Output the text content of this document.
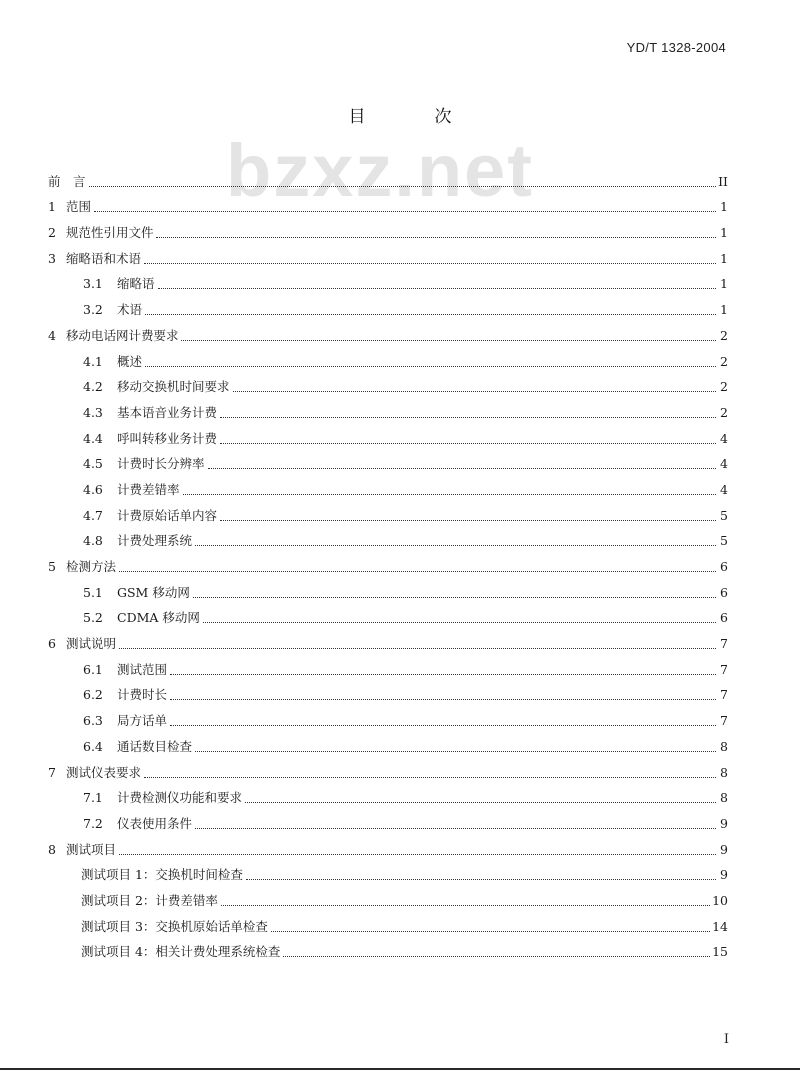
YD/T 1328-2004
bzxz.net
目　次
前　言	II
1 范围	1
2 规范性引用文件	1
3 缩略语和术语	1
3.1	缩略语	1
3.2	术语	1
4 移动电话网计费要求	2
4.1	概述	2
4.2	移动交换机时间要求	2
4.3	基本语音业务计费	2
4.4	呼叫转移业务计费	4
4.5	计费时长分辨率	4
4.6	计费差错率	4
4.7	计费原始话单内容	5
4.8	计费处理系统	5
5 检测方法	6
5.1	GSM 移动网	6
5.2	CDMA 移动网	6
6 测试说明	7
6.1	测试范围	7
6.2	计费时长	7
6.3	局方话单	7
6.4	通话数目检查	8
7 测试仪表要求	8
7.1	计费检测仪功能和要求	8
7.2	仪表使用条件	9
8 测试项目	9
测试项目 1：交换机时间检查	9
测试项目 2：计费差错率	10
测试项目 3：交换机原始话单检查	14
测试项目 4：相关计费处理系统检查	15
I
